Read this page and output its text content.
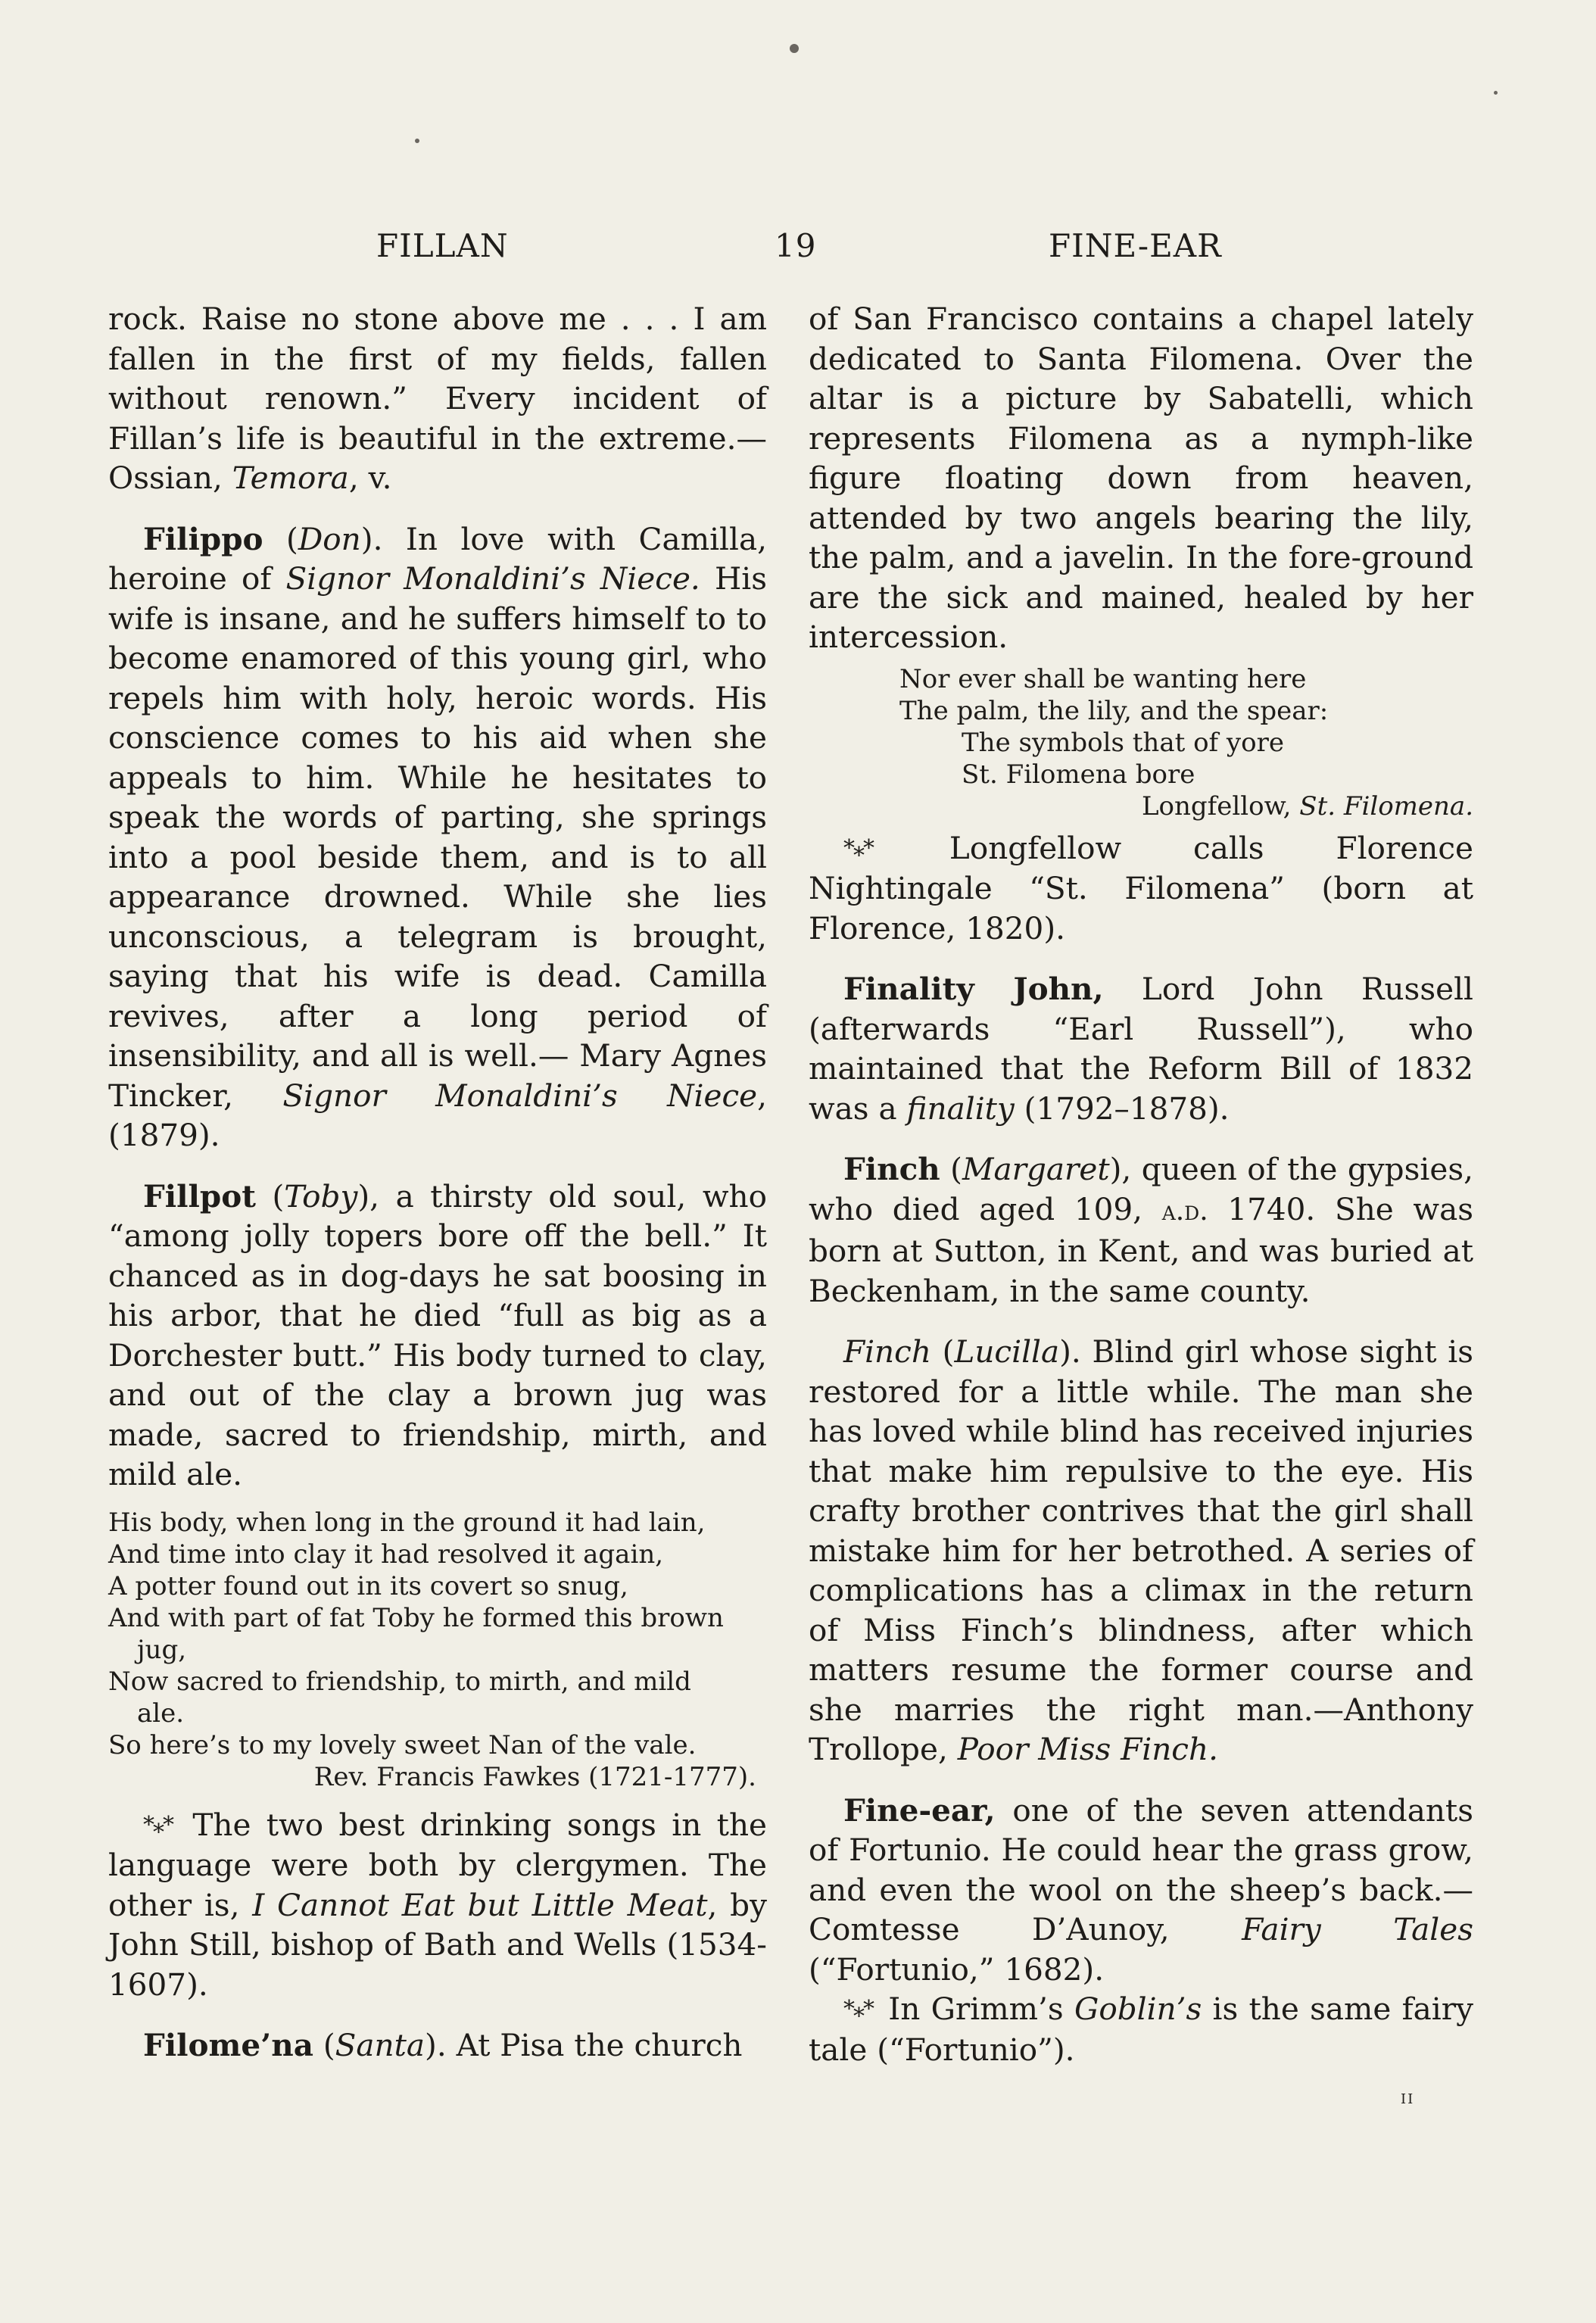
FILLAN	19	FINE-EAR

rock. Raise no stone above me . . . I am fallen in the first of my fields, fallen without renown.” Every incident of Fillan’s life is beautiful in the extreme.—Ossian, Temora, v.

Filippo (Don). In love with Camilla, heroine of Signor Monaldini’s Niece. His wife is insane, and he suffers himself to to become enamored of this young girl, who repels him with holy, heroic words. His conscience comes to his aid when she appeals to him. While he hesitates to speak the words of parting, she springs into a pool beside them, and is to all appearance drowned. While she lies unconscious, a telegram is brought, saying that his wife is dead. Camilla revives, after a long period of insensibility, and all is well.— Mary Agnes Tincker, Signor Monaldini’s Niece, (1879).

Fillpot (Toby), a thirsty old soul, who “among jolly topers bore off the bell.” It chanced as in dog-days he sat boosing in his arbor, that he died “full as big as a Dorchester butt.” His body turned to clay, and out of the clay a brown jug was made, sacred to friendship, mirth, and mild ale.

His body, when long in the ground it had lain,
And time into clay it had resolved it again,
A potter found out in its covert so snug,
And with part of fat Toby he formed this brown
jug,
Now sacred to friendship, to mirth, and mild
ale.
So here’s to my lovely sweet Nan of the vale.
Rev. Francis Fawkes (1721-1777).

*⁎* The two best drinking songs in the language were both by clergymen. The other is, I Cannot Eat but Little Meat, by John Still, bishop of Bath and Wells (1534-1607).

Filome’na (Santa). At Pisa the church

of San Francisco contains a chapel lately dedicated to Santa Filomena. Over the altar is a picture by Sabatelli, which represents Filomena as a nymph-like figure floating down from heaven, attended by two angels bearing the lily, the palm, and a javelin. In the fore-ground are the sick and mained, healed by her intercession.

Nor ever shall be wanting here
The palm, the lily, and the spear:
The symbols that of yore
St. Filomena bore
Longfellow, St. Filomena.

*⁎* Longfellow calls Florence Nightingale “St. Filomena” (born at Florence, 1820).

Finality John, Lord John Russell (afterwards “Earl Russell”), who maintained that the Reform Bill of 1832 was a finality (1792–1878).

Finch (Margaret), queen of the gypsies, who died aged 109, a.d. 1740. She was born at Sutton, in Kent, and was buried at Beckenham, in the same county.

Finch (Lucilla). Blind girl whose sight is restored for a little while. The man she has loved while blind has received injuries that make him repulsive to the eye. His crafty brother contrives that the girl shall mistake him for her betrothed. A series of complications has a climax in the return of Miss Finch’s blindness, after which matters resume the former course and she marries the right man.—Anthony Trollope, Poor Miss Finch.

Fine-ear, one of the seven attendants of Fortunio. He could hear the grass grow, and even the wool on the sheep’s back.—Comtesse D’Aunoy, Fairy Tales (“Fortunio,” 1682).

*⁎* In Grimm’s Goblin’s is the same fairy tale (“Fortunio”).

ii
